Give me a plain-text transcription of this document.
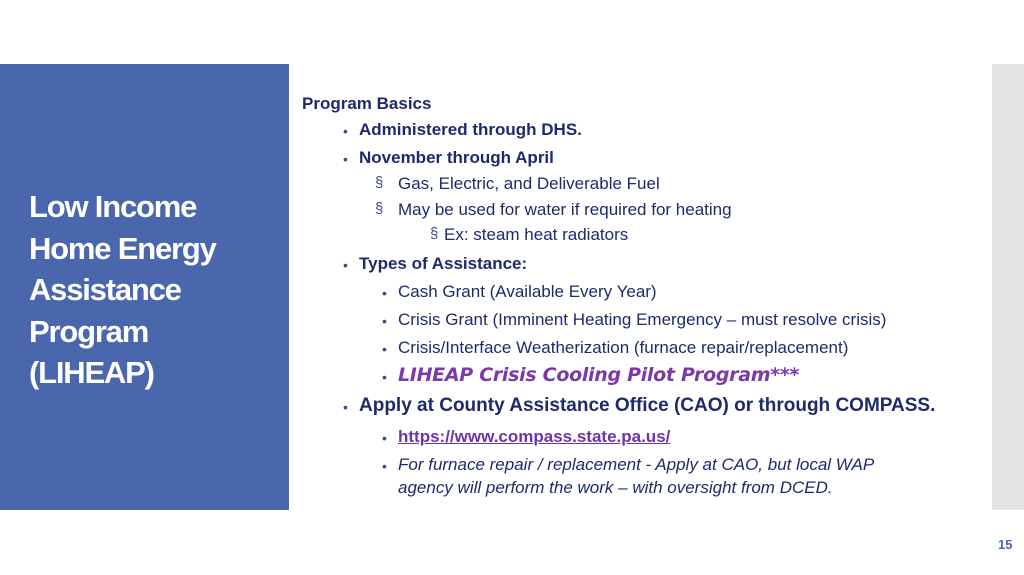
Low Income Home Energy Assistance Program (LIHEAP)
Program Basics
• Administered through DHS.
• November through April
§ Gas, Electric, and Deliverable Fuel
§ May be used for water if required for heating
§ Ex: steam heat radiators
• Types of Assistance:
• Cash Grant (Available Every Year)
• Crisis Grant (Imminent Heating Emergency – must resolve crisis)
• Crisis/Interface Weatherization (furnace repair/replacement)
• LIHEAP Crisis Cooling Pilot Program***
• Apply at County Assistance Office (CAO) or through COMPASS.
• https://www.compass.state.pa.us/
• For furnace repair / replacement - Apply at CAO, but local WAP
agency will perform the work – with oversight from DCED.
15
